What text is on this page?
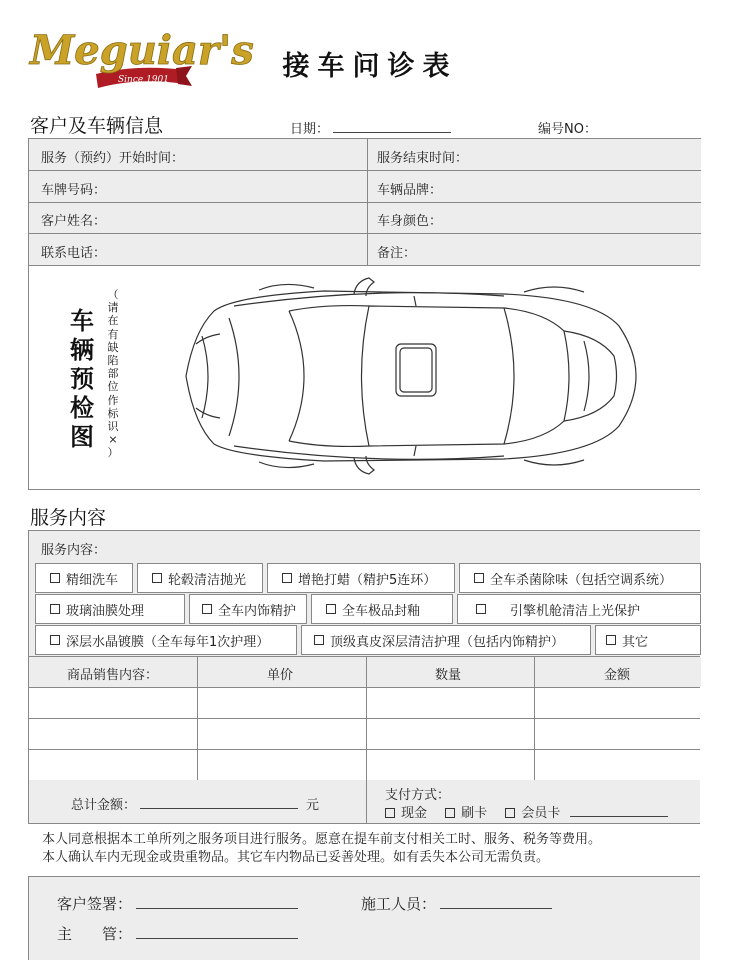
Meguiar's
Since 1901	接车问诊表
客户及车辆信息	日期：	编号NO：
服务（预约）开始时间：	服务结束时间：
车牌号码：	车辆品牌：
客户姓名：	车身颜色：
联系电话：	备注：
车
辆
预
检
图
（
请
在
有
缺
陷
部
位
作
标
识
×
）
服务内容
服务内容：
精细洗车	轮毂清洁抛光	增艳打蜡（精护5连环）	全车杀菌除味（包括空调系统）
玻璃油膜处理	全车内饰精护	全车极品封釉	引擎机舱清洁上光保护
深层水晶镀膜（全车每年1次护理）	顶级真皮深层清洁护理（包括内饰精护）	其它
商品销售内容：	单价	数量	金额
总计金额：	元
支付方式：
现金	刷卡	会员卡
本人同意根据本工单所列之服务项目进行服务。愿意在提车前支付相关工时、服务、税务等费用。
本人确认车内无现金或贵重物品。其它车内物品已妥善处理。如有丢失本公司无需负责。
客户签署：	施工人员：
主　　管：
